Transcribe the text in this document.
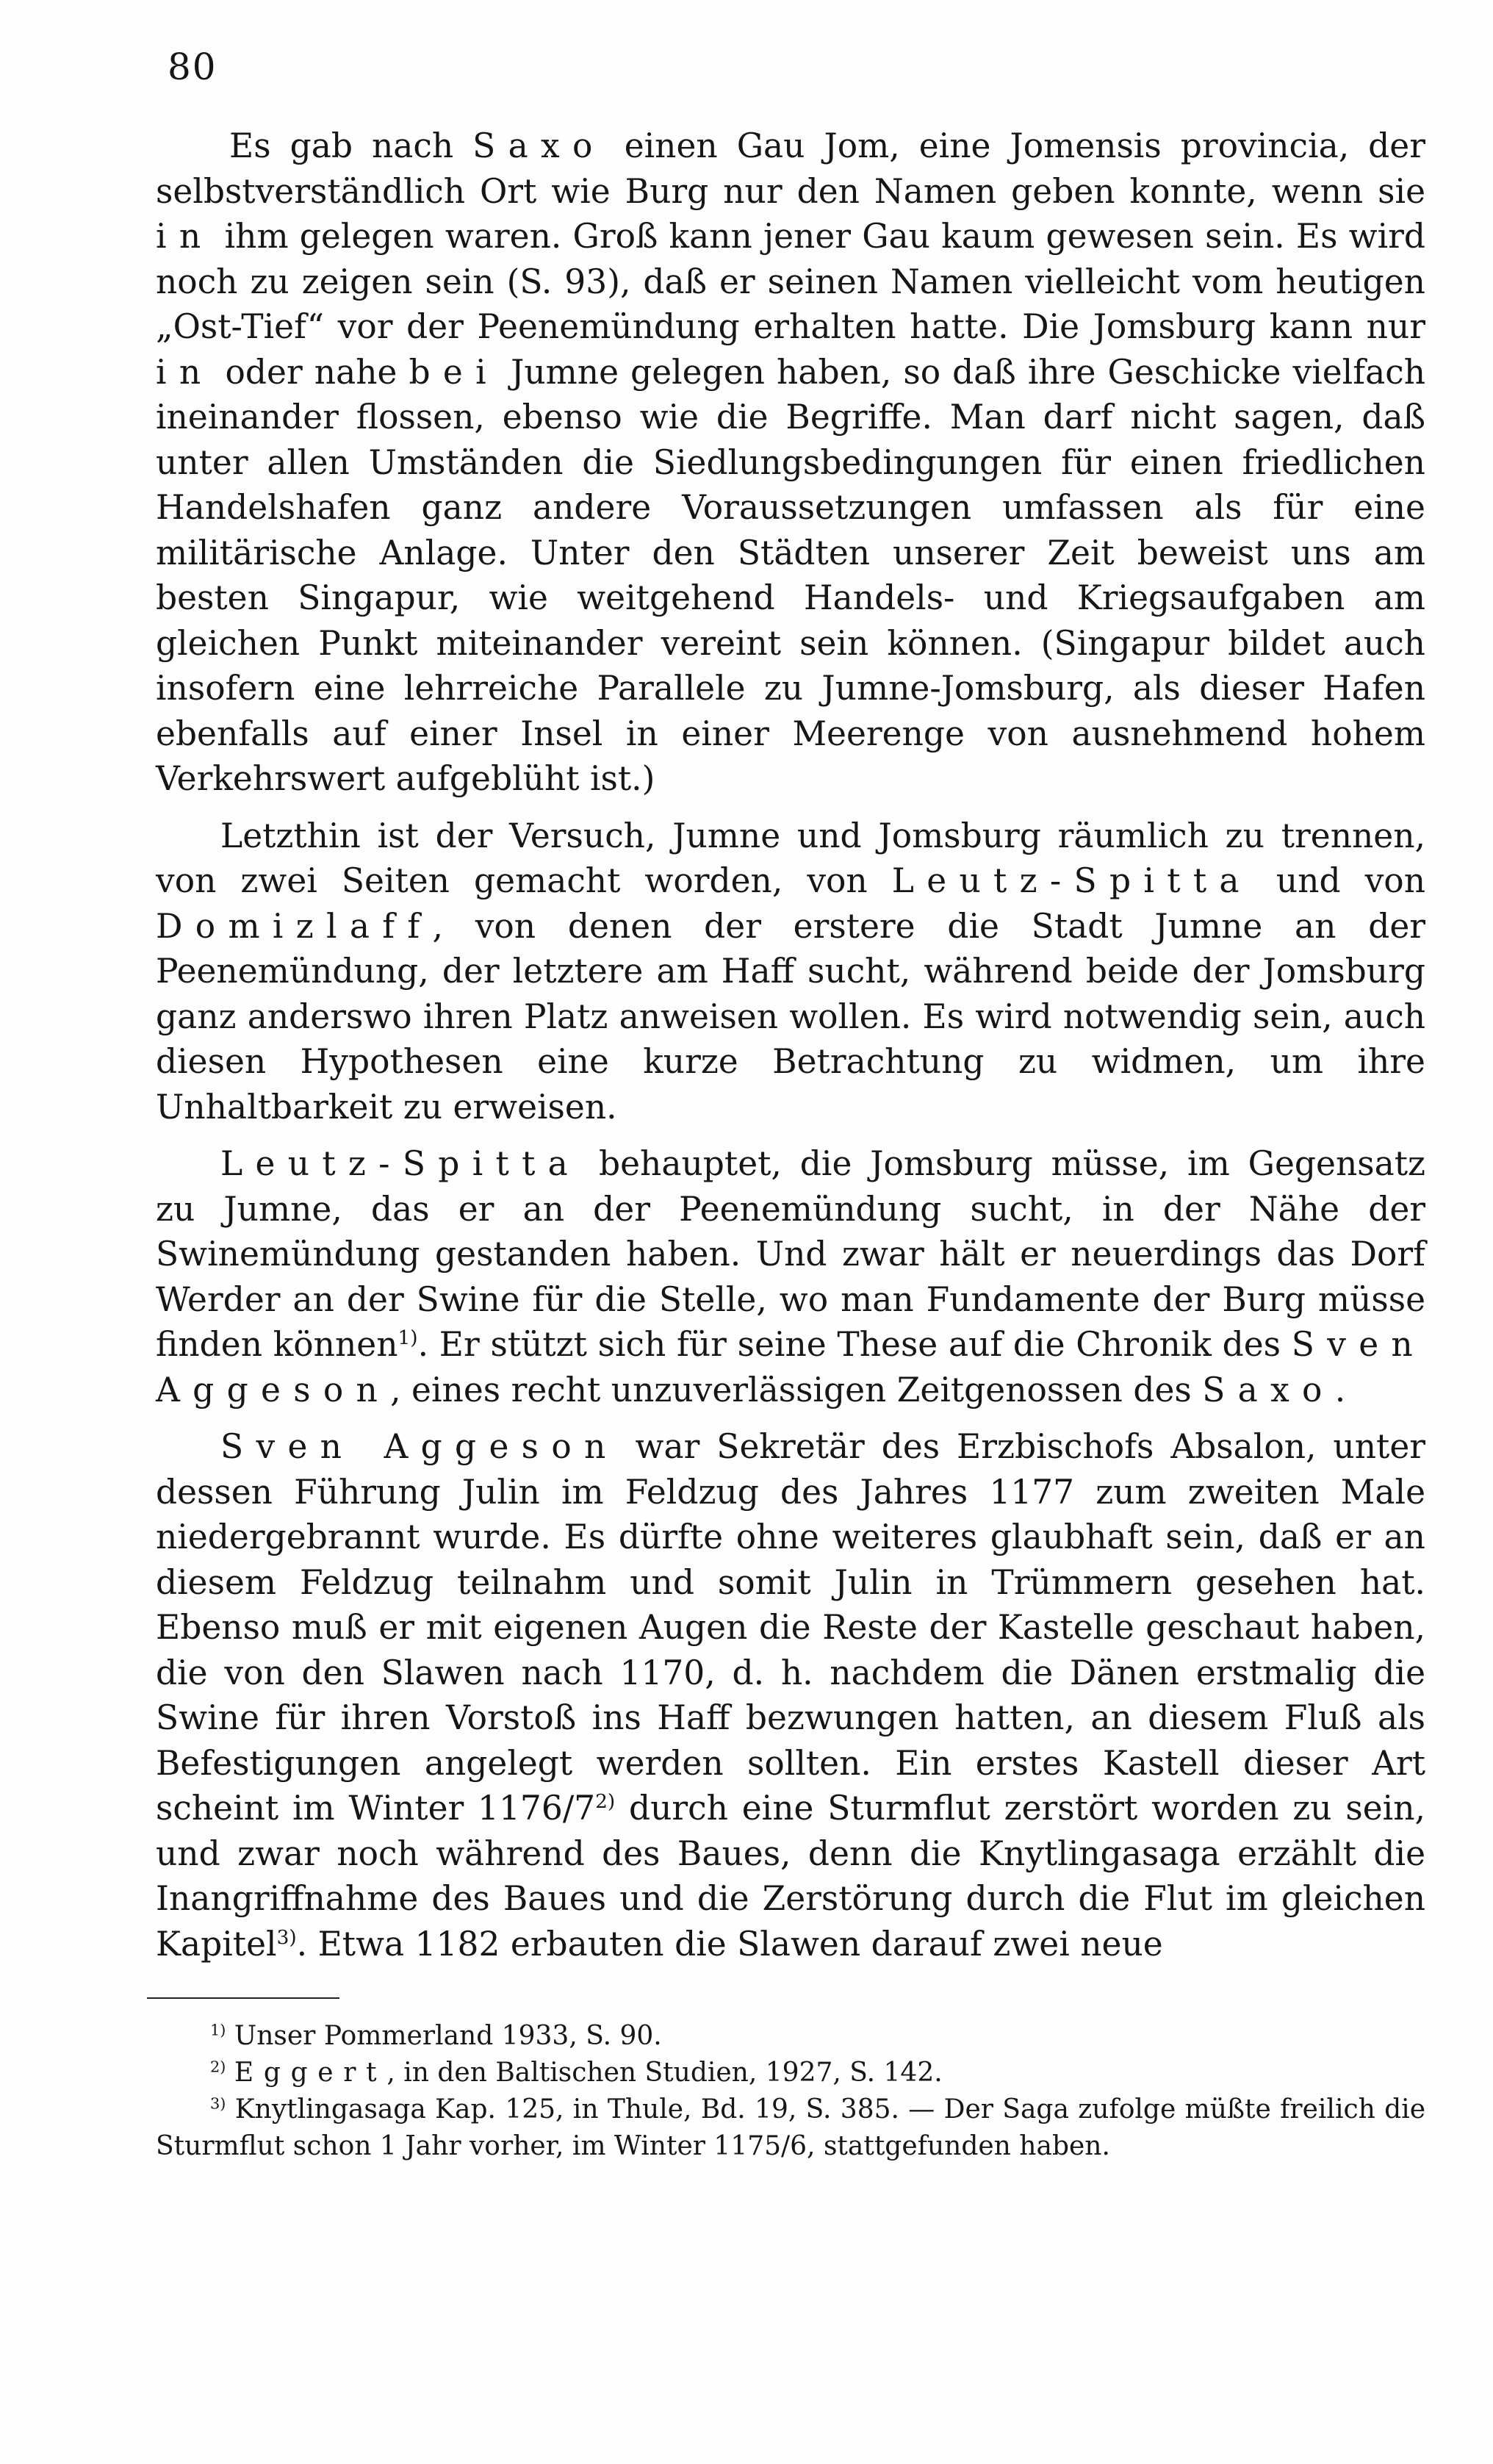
80

Es gab nach Saxo einen Gau Jom, eine Jomensis provincia, der selbstverständlich Ort wie Burg nur den Namen geben konnte, wenn sie in ihm gelegen waren. Groß kann jener Gau kaum gewesen sein. Es wird noch zu zeigen sein (S. 93), daß er seinen Namen vielleicht vom heutigen „Ost-Tief“ vor der Peenemündung erhalten hatte. Die Jomsburg kann nur in oder nahe bei Jumne gelegen haben, so daß ihre Geschicke vielfach ineinander flossen, ebenso wie die Begriffe. Man darf nicht sagen, daß unter allen Umständen die Siedlungsbedingungen für einen friedlichen Handelshafen ganz andere Voraussetzungen umfassen als für eine militärische Anlage. Unter den Städten unserer Zeit beweist uns am besten Singapur, wie weitgehend Handels- und Kriegsaufgaben am gleichen Punkt miteinander vereint sein können. (Singapur bildet auch insofern eine lehrreiche Parallele zu Jumne-Jomsburg, als dieser Hafen ebenfalls auf einer Insel in einer Meerenge von ausnehmend hohem Verkehrswert aufgeblüht ist.)

Letzthin ist der Versuch, Jumne und Jomsburg räumlich zu trennen, von zwei Seiten gemacht worden, von Leutz-Spitta und von Domizlaff, von denen der erstere die Stadt Jumne an der Peenemündung, der letztere am Haff sucht, während beide der Jomsburg ganz anderswo ihren Platz anweisen wollen. Es wird notwendig sein, auch diesen Hypothesen eine kurze Betrachtung zu widmen, um ihre Unhaltbarkeit zu erweisen.

Leutz-Spitta behauptet, die Jomsburg müsse, im Gegensatz zu Jumne, das er an der Peenemündung sucht, in der Nähe der Swinemündung gestanden haben. Und zwar hält er neuerdings das Dorf Werder an der Swine für die Stelle, wo man Fundamente der Burg müsse finden können$^{1)}$. Er stützt sich für seine These auf die Chronik des Sven Aggeson, eines recht unzuverlässigen Zeitgenossen des Saxo.

Sven Aggeson war Sekretär des Erzbischofs Absalon, unter dessen Führung Julin im Feldzug des Jahres 1177 zum zweiten Male niedergebrannt wurde. Es dürfte ohne weiteres glaubhaft sein, daß er an diesem Feldzug teilnahm und somit Julin in Trümmern gesehen hat. Ebenso muß er mit eigenen Augen die Reste der Kastelle geschaut haben, die von den Slawen nach 1170, d. h. nachdem die Dänen erstmalig die Swine für ihren Vorstoß ins Haff bezwungen hatten, an diesem Fluß als Befestigungen angelegt werden sollten. Ein erstes Kastell dieser Art scheint im Winter 1176/7$^{2)}$ durch eine Sturmflut zerstört worden zu sein, und zwar noch während des Baues, denn die Knytlingasaga erzählt die Inangriffnahme des Baues und die Zerstörung durch die Flut im gleichen Kapitel$^{3)}$. Etwa 1182 erbauten die Slawen darauf zwei neue

$^{1)}$ Unser Pommerland 1933, S. 90.

$^{2)}$ Eggert, in den Baltischen Studien, 1927, S. 142.

$^{3)}$ Knytlingasaga Kap. 125, in Thule, Bd. 19, S. 385. — Der Saga zufolge müßte freilich die Sturmflut schon 1 Jahr vorher, im Winter 1175/6, stattgefunden haben.
